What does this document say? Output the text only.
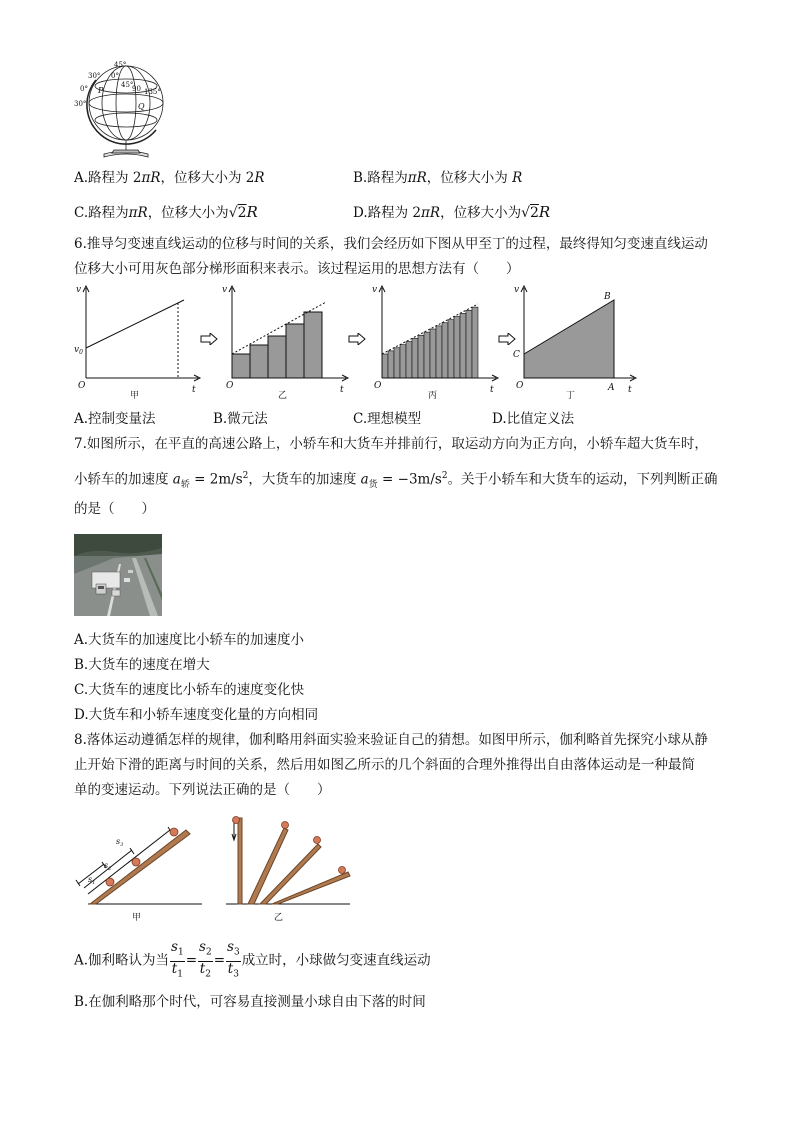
45°
30°
0°
30°
0°
45°
90 135°
P
Q
A.路程为 2πR，位移大小为 2R	B.路程为πR，位移大小为 R
C.路程为πR，位移大小为√2R	D.路程为 2πR，位移大小为√2R
6.推导匀变速直线运动的位移与时间的关系，我们会经历如下图从甲至丁的过程，最终得知匀变速直线运动
位移大小可用灰色部分梯形面积来表示。该过程运用的思想方法有（　　）
v
t
O
$v_0$
甲
v
t
O
乙
v
t
O
丙
v
t
O
B
C
A
丁
A.控制变量法	B.微元法	C.理想模型	D.比值定义法
7.如图所示，在平直的高速公路上，小轿车和大货车并排前行，取运动方向为正方向，小轿车超大货车时，
小轿车的加速度 $a_轿 = 2m/s^2$，大货车的加速度 $a_货 = -3m/s^2$。关于小轿车和大货车的运动，下列判断正确
的是（　　）
A.大货车的加速度比小轿车的加速度小
B.大货车的速度在增大
C.大货车的速度比小轿车的速度变化快
D.大货车和小轿车速度变化量的方向相同
8.落体运动遵循怎样的规律，伽利略用斜面实验来验证自己的猜想。如图甲所示，伽利略首先探究小球从静
止开始下滑的距离与时间的关系，然后用如图乙所示的几个斜面的合理外推得出自由落体运动是一种最简
单的变速运动。下列说法正确的是（　　）
$s_1$
$s_2$
$s_3$
甲	乙
A.伽利略认为当 $\frac{s_1}{t_1} = \frac{s_2}{t_2} = \frac{s_3}{t_3}$ 成立时，小球做匀变速直线运动
B.在伽利略那个时代，可容易直接测量小球自由下落的时间
